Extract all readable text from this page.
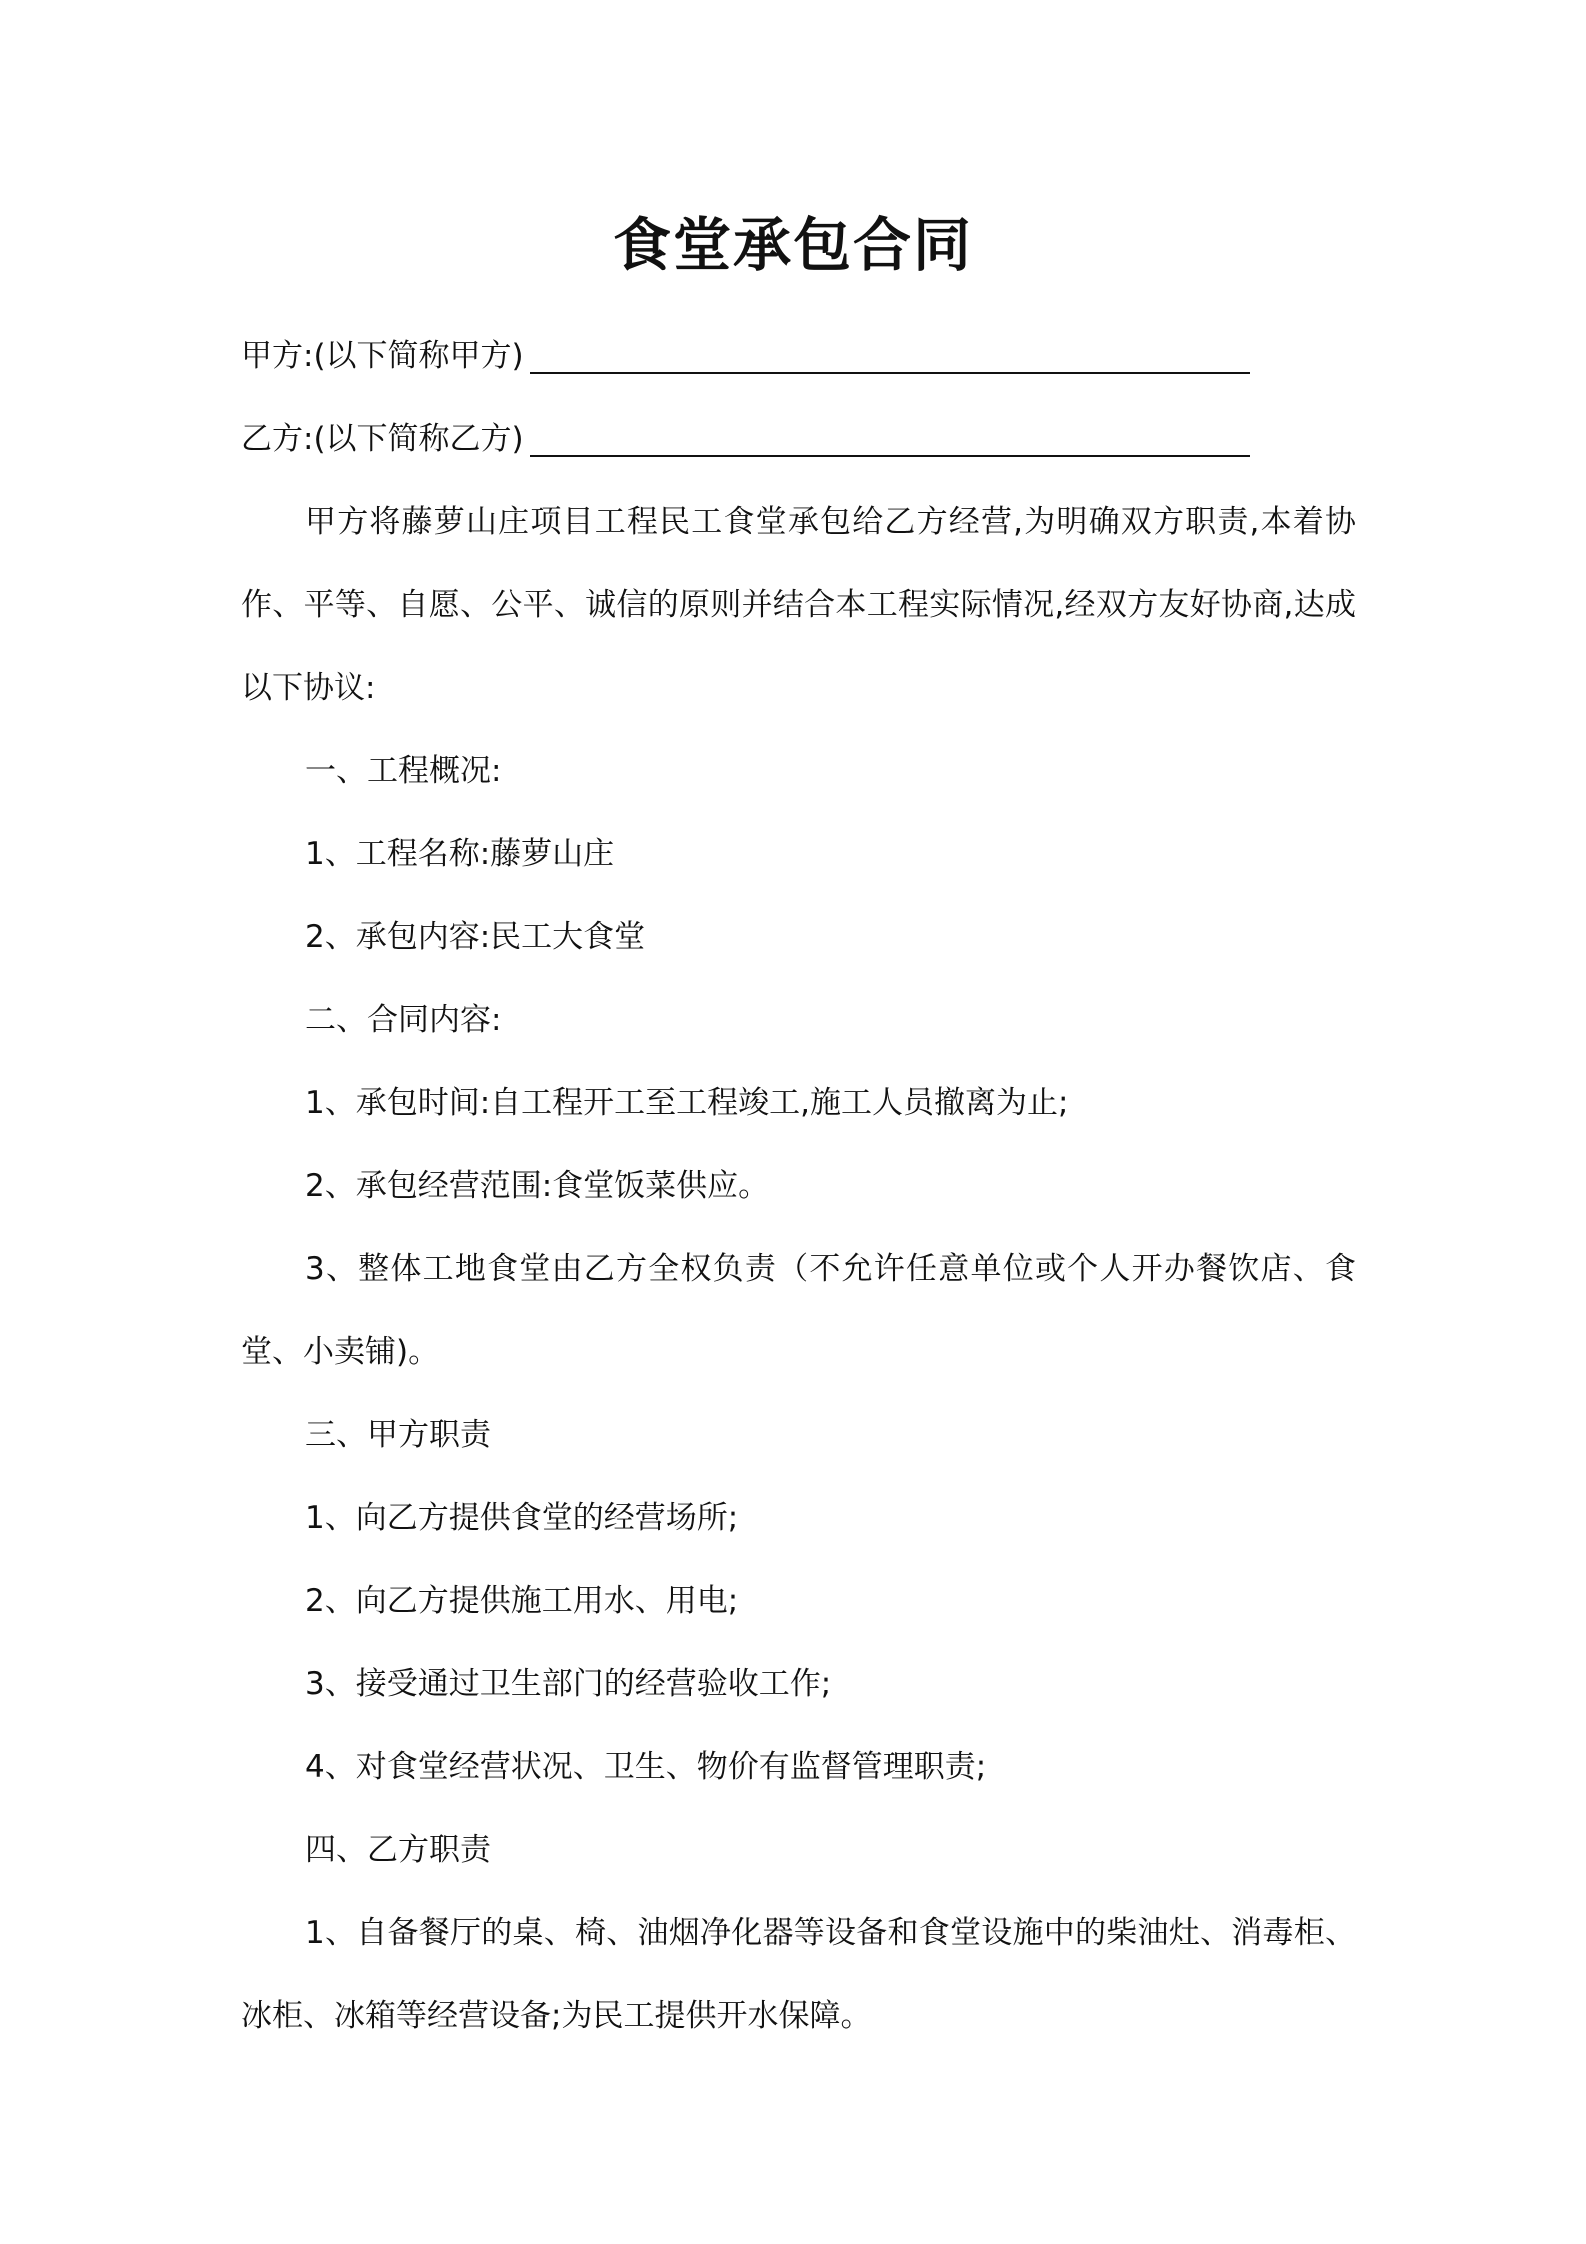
食堂承包合同
甲方:(以下简称甲方)
乙方:(以下简称乙方)

甲方将藤萝山庄项目工程民工食堂承包给乙方经营,为明确双方职责,本着协作、平等、自愿、公平、诚信的原则并结合本工程实际情况,经双方友好协商,达成以下协议:

一、工程概况:
1、工程名称:藤萝山庄
2、承包内容:民工大食堂
二、合同内容:
1、承包时间:自工程开工至工程竣工,施工人员撤离为止;
2、承包经营范围:食堂饭菜供应。

3、整体工地食堂由乙方全权负责（不允许任意单位或个人开办餐饮店、食堂、小卖铺)。

三、甲方职责
1、向乙方提供食堂的经营场所;
2、向乙方提供施工用水、用电;
3、接受通过卫生部门的经营验收工作;
4、对食堂经营状况、卫生、物价有监督管理职责;
四、乙方职责

1、自备餐厅的桌、椅、油烟净化器等设备和食堂设施中的柴油灶、消毒柜、冰柜、冰箱等经营设备;为民工提供开水保障。
